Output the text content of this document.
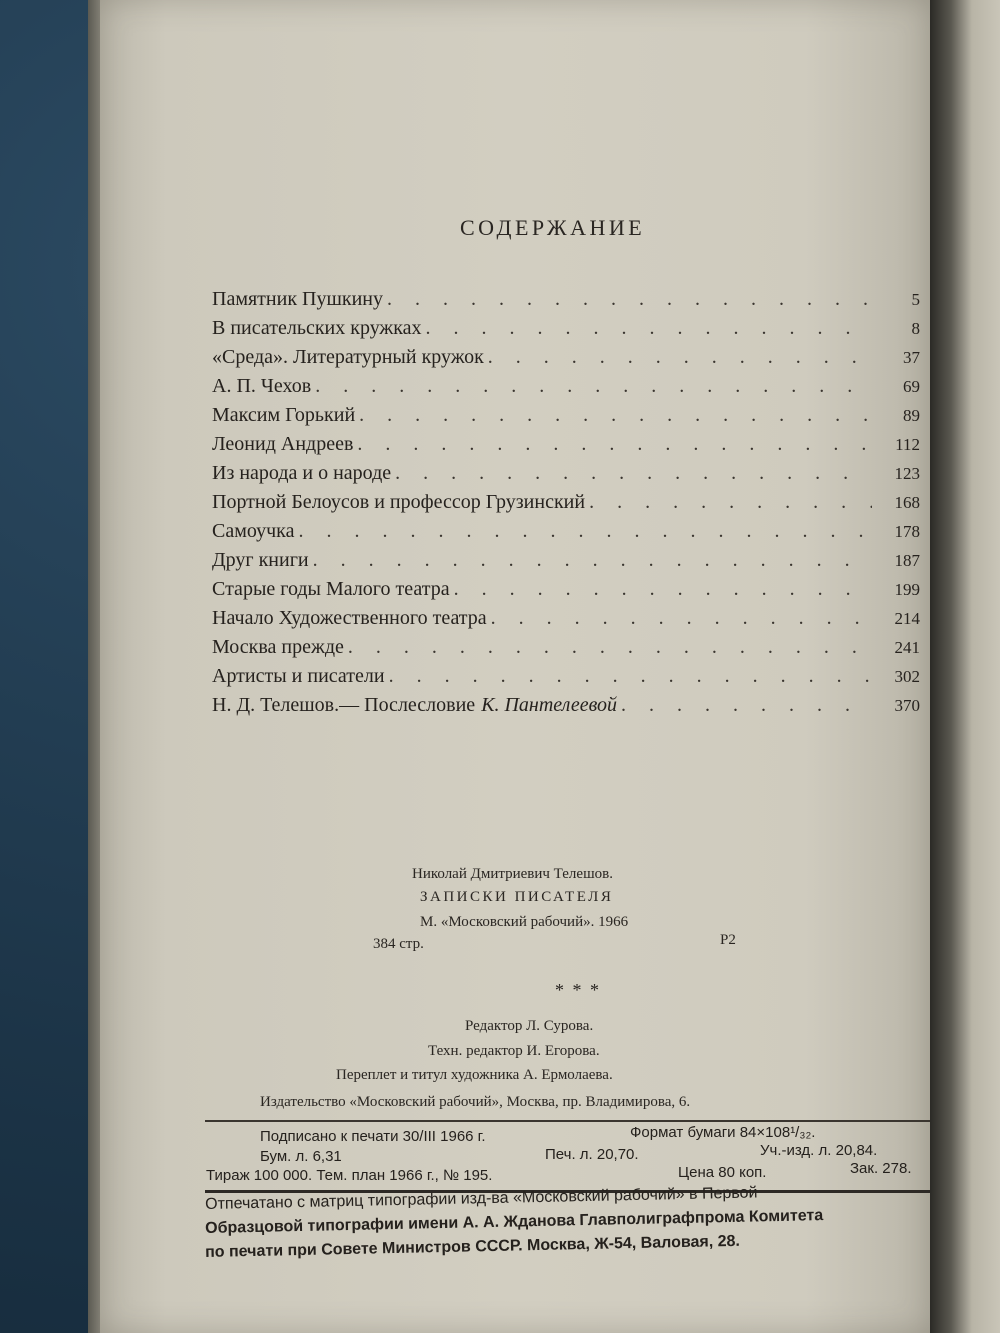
СОДЕРЖАНИЕ
Памятник Пушкину . . .	5
В писательских кружках . . .	8
«Среда». Литературный кружок . . .	37
А. П. Чехов . . .	69
Максим Горький . . .	89
Леонид Андреев . . .	112
Из народа и о народе . . .	123
Портной Белоусов и профессор Грузинский . . .	168
Самоучка . . .	178
Друг книги . . .	187
Старые годы Малого театра . . .	199
Начало Художественного театра . . .	214
Москва прежде . . .	241
Артисты и писатели . . .	302
Н. Д. Телешов.— Послесловие К. Пантелеевой . . .	370
Николай Дмитриевич Телешов.
ЗАПИСКИ ПИСАТЕЛЯ
М. «Московский рабочий». 1966
384 стр.	Р2
* * *
Редактор Л. Сурова.
Техн. редактор И. Егорова.
Переплет и титул художника А. Ермолаева.
Издательство «Московский рабочий», Москва, пр. Владимирова, 6.
Подписано к печати 30/III 1966 г.	Формат бумаги 84×108¹/₃₂.
Бум. л. 6,31	Печ. л. 20,70.	Уч.-изд. л. 20,84.
Тираж 100 000. Тем. план 1966 г., № 195.	Цена 80 коп.	Зак. 278.
Отпечатано с матриц типографии изд-ва «Московский рабочий» в Первой
Образцовой типографии имени А. А. Жданова Главполиграфпрома Комитета
по печати при Совете Министров СССР. Москва, Ж-54, Валовая, 28.
